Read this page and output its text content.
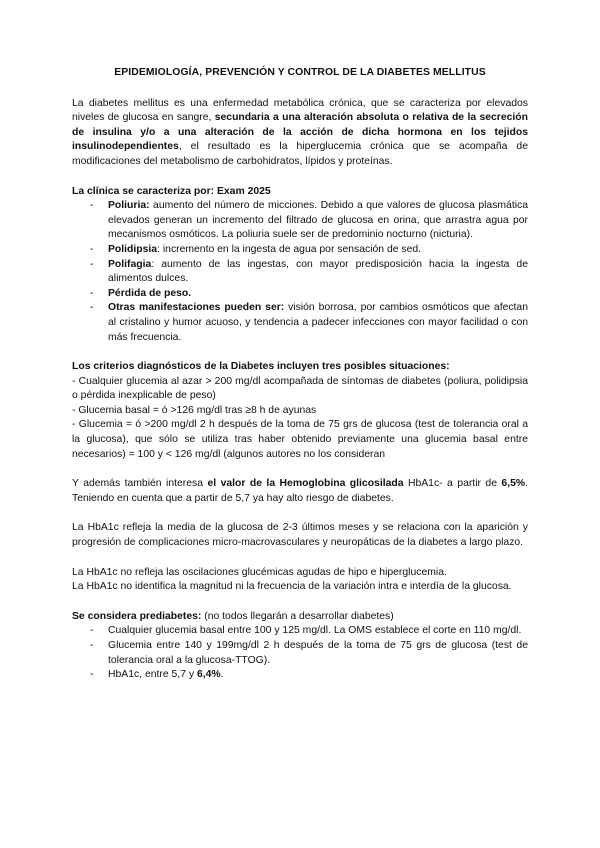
EPIDEMIOLOGÍA, PREVENCIÓN Y CONTROL DE LA DIABETES MELLITUS

La diabetes mellitus es una enfermedad metabólica crónica, que se caracteriza por elevados niveles de glucosa en sangre, secundaria a una alteración absoluta o relativa de la secreción de insulina y/o a una alteración de la acción de dicha hormona en los tejidos insulinodependientes, el resultado es la hiperglucemia crónica que se acompaña de modificaciones del metabolismo de carbohidratos, lípidos y proteínas.

La clínica se caracteriza por: Exam 2025
- Poliuria: aumento del número de micciones. Debido a que valores de glucosa plasmática elevados generan un incremento del filtrado de glucosa en orina, que arrastra agua por mecanismos osmóticos. La poliuria suele ser de predominio nocturno (nicturia).
- Polidipsia: incremento en la ingesta de agua por sensación de sed.
- Polifagia: aumento de las ingestas, con mayor predisposición hacia la ingesta de alimentos dulces.
- Pérdida de peso.
- Otras manifestaciones pueden ser: visión borrosa, por cambios osmóticos que afectan al cristalino y humor acuoso, y tendencia a padecer infecciones con mayor facilidad o con más frecuencia.
Los criterios diagnósticos de la Diabetes incluyen tres posibles situaciones:

- Cualquier glucemia al azar > 200 mg/dl acompañada de síntomas de diabetes (poliura, polidipsia o pérdida inexplicable de peso)

- Glucemia basal = ó >126 mg/dl tras ≥8 h de ayunas

- Glucemia = ó >200 mg/dl 2 h después de la toma de 75 grs de glucosa (test de tolerancia oral a la glucosa), que sólo se utiliza tras haber obtenido previamente una glucemia basal entre necesarios) = 100 y < 126 mg/dl (algunos autores no los consideran

Y además también interesa el valor de la Hemoglobina glicosilada HbA1c- a partir de 6,5%. Teniendo en cuenta que a partir de 5,7 ya hay alto riesgo de diabetes.

La HbA1c refleja la media de la glucosa de 2-3 últimos meses y se relaciona con la aparición y progresión de complicaciones micro-macrovasculares y neuropáticas de la diabetes a largo plazo.

La HbA1c no refleja las oscilaciones glucémicas agudas de hipo e hiperglucemia.

La HbA1c no identifica la magnitud ni la frecuencia de la variación intra e interdía de la glucosa.

Se considera prediabetes: (no todos llegarán a desarrollar diabetes)
- Cualquier glucemia basal entre 100 y 125 mg/dl. La OMS establece el corte en 110 mg/dl.
- Glucemia entre 140 y 199mg/dl 2 h después de la toma de 75 grs de glucosa (test de tolerancia oral a la glucosa-TTOG).
- HbA1c, entre 5,7 y 6,4%.
